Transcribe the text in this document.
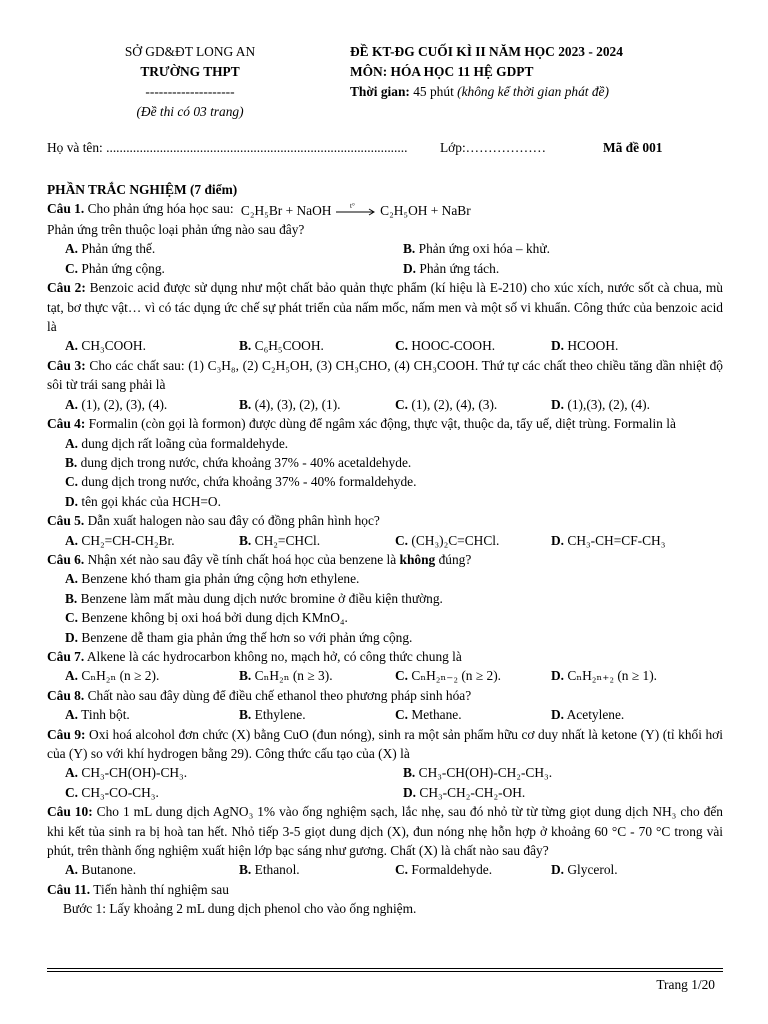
SỞ GD&ĐT LONG AN
TRƯỜNG THPT
--------------------
(Đề thi có 03 trang)
ĐỀ KT-ĐG CUỐI KÌ II NĂM HỌC 2023 - 2024
MÔN: HÓA HỌC 11 HỆ GDPT
Thời gian: 45 phút (không kể thời gian phát đề)
Họ và tên: .......................................................................................... Lớp:………………	Mã đề 001

PHẦN TRẮC NGHIỆM (7 điểm)

Câu 1. Cho phản ứng hóa học sau: C₂H₅Br + NaOH	t° C₂H₅OH + NaBr

Phản ứng trên thuộc loại phản ứng nào sau đây?

A. Phản ứng thế.	B. Phản ứng oxi hóa – khử.
C. Phản ứng cộng.	D. Phản ứng tách.

Câu 2: Benzoic acid được sử dụng như một chất bảo quản thực phẩm (kí hiệu là E-210) cho xúc xích, nước sốt cà chua, mù tạt, bơ thực vật… vì có tác dụng ức chế sự phát triển của nấm mốc, nấm men và một số vi khuẩn. Công thức của benzoic acid là

A. CH₃COOH.	B. C₆H₅COOH.	C. HOOC-COOH.	D. HCOOH.

Câu 3: Cho các chất sau: (1) C₃H₈, (2) C₂H₅OH, (3) CH₃CHO, (4) CH₃COOH. Thứ tự các chất theo chiều tăng dần nhiệt độ sôi từ trái sang phải là

A. (1), (2), (3), (4).	B. (4), (3), (2), (1).	C. (1), (2), (4), (3).	D. (1),(3), (2), (4).

Câu 4: Formalin (còn gọi là formon) được dùng để ngâm xác động, thực vật, thuộc da, tẩy uế, diệt trùng. Formalin là

A. dung dịch rất loãng của formaldehyde.

B. dung dịch trong nước, chứa khoảng 37% - 40% acetaldehyde.

C. dung dịch trong nước, chứa khoảng 37% - 40% formaldehyde.

D. tên gọi khác của HCH=O.

Câu 5. Dẫn xuất halogen nào sau đây có đồng phân hình học?

A. CH₂=CH-CH₂Br.	B. CH₂=CHCl.	C. (CH₃)₂C=CHCl.	D. CH₃-CH=CF-CH₃

Câu 6. Nhận xét nào sau đây về tính chất hoá học của benzene là không đúng?

A. Benzene khó tham gia phản ứng cộng hơn ethylene.

B. Benzene làm mất màu dung dịch nước bromine ở điều kiện thường.

C. Benzene không bị oxi hoá bởi dung dịch KMnO₄.

D. Benzene dễ tham gia phản ứng thế hơn so với phản ứng cộng.

Câu 7. Alkene là các hydrocarbon không no, mạch hở, có công thức chung là

A. CₙH₂ₙ (n ≥ 2).	B. CₙH₂ₙ (n ≥ 3).	C. CₙH₂ₙ₋₂ (n ≥ 2).	D. CₙH₂ₙ₊₂ (n ≥ 1).

Câu 8. Chất nào sau đây dùng để điều chế ethanol theo phương pháp sinh hóa?

A. Tinh bột.	B. Ethylene.	C. Methane.	D. Acetylene.

Câu 9: Oxi hoá alcohol đơn chức (X) bằng CuO (đun nóng), sinh ra một sản phẩm hữu cơ duy nhất là ketone (Y) (tỉ khối hơi của (Y) so với khí hydrogen bằng 29). Công thức cấu tạo của (X) là

A. CH₃-CH(OH)-CH₃.	B. CH₃-CH(OH)-CH₂-CH₃.
C. CH₃-CO-CH₃.	D. CH₃-CH₂-CH₂-OH.

Câu 10: Cho 1 mL dung dịch AgNO₃ 1% vào ống nghiệm sạch, lắc nhẹ, sau đó nhỏ từ từ từng giọt dung dịch NH₃ cho đến khi kết tủa sinh ra bị hoà tan hết. Nhỏ tiếp 3-5 giọt dung dịch (X), đun nóng nhẹ hỗn hợp ở khoảng 60 °C - 70 °C trong vài phút, trên thành ống nghiệm xuất hiện lớp bạc sáng như gương. Chất (X) là chất nào sau đây?

A. Butanone.	B. Ethanol.	C. Formaldehyde.	D. Glycerol.

Câu 11. Tiến hành thí nghiệm sau

Bước 1: Lấy khoảng 2 mL dung dịch phenol cho vào ống nghiệm.

Trang 1/20
